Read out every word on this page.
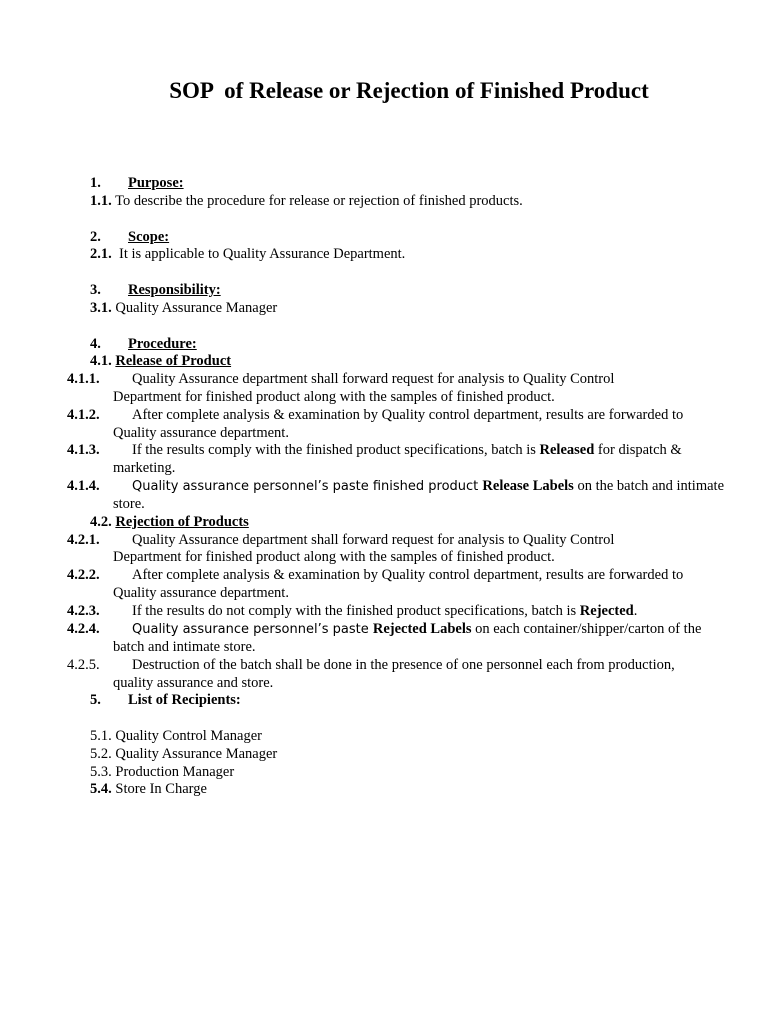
SOP  of Release or Rejection of Finished Product
1. Purpose:
1.1. To describe the procedure for release or rejection of finished products.
2. Scope:
2.1. It is applicable to Quality Assurance Department.
3. Responsibility:
3.1. Quality Assurance Manager
4. Procedure:
4.1. Release of Product
4.1.1. Quality Assurance department shall forward request for analysis to Quality Control
Department for finished product along with the samples of finished product.
4.1.2. After complete analysis & examination by Quality control department, results are forwarded to
Quality assurance department.
4.1.3. If the results comply with the finished product specifications, batch is Released for dispatch &
marketing.
4.1.4. Quality assurance personnel’s paste finished product Release Labels on the batch and intimate
store.
4.2. Rejection of Products
4.2.1. Quality Assurance department shall forward request for analysis to Quality Control
Department for finished product along with the samples of finished product.
4.2.2. After complete analysis & examination by Quality control department, results are forwarded to
Quality assurance department.
4.2.3. If the results do not comply with the finished product specifications, batch is Rejected.
4.2.4. Quality assurance personnel’s paste Rejected Labels on each container/shipper/carton of the
batch and intimate store.
4.2.5. Destruction of the batch shall be done in the presence of one personnel each from production,
quality assurance and store.
5. List of Recipients:
5.1. Quality Control Manager
5.2. Quality Assurance Manager
5.3. Production Manager
5.4. Store In Charge
